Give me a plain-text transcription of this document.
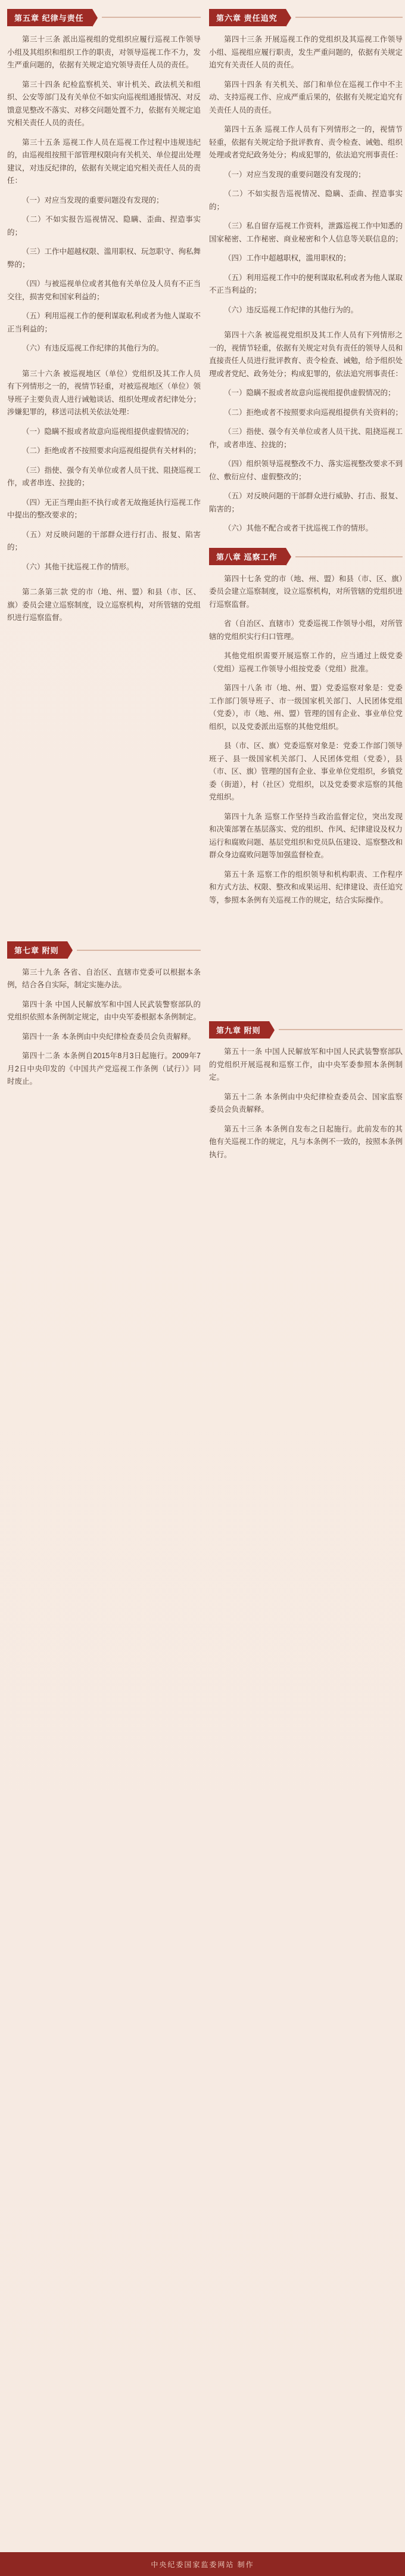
第五章 纪律与责任

第三十三条 派出巡视组的党组织应履行巡视工作领导小组及其组织和组织工作的职责，对领导巡视工作不力，发生严重问题的，依据有关规定追究领导责任人员的责任。

第三十四条 纪检监察机关、审计机关、政法机关和组织、公安等部门及有关单位不如实向巡视组通报情况、对反馈意见整改不落实、对移交问题处置不力，依据有关规定追究相关责任人员的责任。

第三十五条 巡视工作人员在巡视工作过程中违规违纪的，由巡视组按照干部管理权限向有关机关、单位提出处理建议，对违反纪律的，依据有关规定追究相关责任人员的责任：

（一）对应当发现的重要问题没有发现的；

（二）不如实报告巡视情况、隐瞒、歪曲、捏造事实的；

（三）工作中超越权限、滥用职权、玩忽职守、徇私舞弊的；

（四）与被巡视单位或者其他有关单位及人员有不正当交往，损害党和国家利益的；

（五）利用巡视工作的便利谋取私利或者为他人谋取不正当利益的；

（六）有违反巡视工作纪律的其他行为的。

第三十六条 被巡视地区（单位）党组织及其工作人员有下列情形之一的，视情节轻重，对被巡视地区（单位）领导班子主要负责人进行诫勉谈话、组织处理或者纪律处分；涉嫌犯罪的，移送司法机关依法处理：

（一）隐瞒不报或者故意向巡视组提供虚假情况的；

（二）拒绝或者不按照要求向巡视组提供有关材料的；

（三）指使、强令有关单位或者人员干扰、阻挠巡视工作，或者串连、拉拢的；

（四）无正当理由拒不执行或者无故拖延执行巡视工作中提出的整改要求的；

（五）对反映问题的干部群众进行打击、报复、陷害的；

（六）其他干扰巡视工作的情形。

第二条第三款 党的市（地、州、盟）和县（市、区、旗）委员会建立巡察制度，设立巡察机构，对所管辖的党组织进行巡察监督。

第七章 附则

第三十九条 各省、自治区、直辖市党委可以根据本条例，结合各自实际，制定实施办法。

第四十条 中国人民解放军和中国人民武装警察部队的党组织依照本条例制定规定，由中央军委根据本条例制定。

第四十一条 本条例由中央纪律检查委员会负责解释。

第四十二条 本条例自2015年8月3日起施行。2009年7月2日中央印发的《中国共产党巡视工作条例（试行）》同时废止。

第六章 责任追究

第四十三条 开展巡视工作的党组织及其巡视工作领导小组、巡视组应履行职责，发生严重问题的，依据有关规定追究有关责任人员的责任。

第四十四条 有关机关、部门和单位在巡视工作中不主动、支持巡视工作、应成严重后果的，依据有关规定追究有关责任人员的责任。

第四十五条 巡视工作人员有下列情形之一的，视情节轻重，依据有关规定给予批评教育、责令检查、诫勉、组织处理或者党纪政务处分；构成犯罪的，依法追究刑事责任：

（一）对应当发现的重要问题没有发现的；

（二）不如实报告巡视情况、隐瞒、歪曲、捏造事实的；

（三）私自留存巡视工作资料，泄露巡视工作中知悉的国家秘密、工作秘密、商业秘密和个人信息等关联信息的；

（四）工作中超越职权，滥用职权的；

（五）利用巡视工作中的便利谋取私利或者为他人谋取不正当利益的；

（六）违反巡视工作纪律的其他行为的。

第四十六条 被巡视党组织及其工作人员有下列情形之一的，视情节轻重，依据有关规定对负有责任的领导人员和直接责任人员进行批评教育、责令检查、诫勉，给予组织处理或者党纪、政务处分；构成犯罪的，依法追究刑事责任：

（一）隐瞒不报或者故意向巡视组提供虚假情况的；

（二）拒绝或者不按照要求向巡视组提供有关资料的；

（三）指使、强令有关单位或者人员干扰、阻挠巡视工作，或者串连、拉拢的；

（四）组织领导巡视整改不力、落实巡视整改要求不到位、敷衍应付、虚假整改的；

（五）对反映问题的干部群众进行威胁、打击、报复、陷害的；

（六）其他不配合或者干扰巡视工作的情形。

第八章 巡察工作

第四十七条 党的市（地、州、盟）和县（市、区、旗）委员会建立巡察制度，设立巡察机构，对所管辖的党组织进行巡察监督。

省（自治区、直辖市）党委巡视工作领导小组，对所管辖的党组织实行归口管理。

其他党组织需要开展巡察工作的，应当通过上级党委（党组）巡视工作领导小组按党委（党组）批准。

第四十八条 市（地、州、盟）党委巡察对象是：党委工作部门领导班子、市一级国家机关部门、人民团体党组（党委），市（地、州、盟）管理的国有企业、事业单位党组织，以及党委派出巡察的其他党组织。

县（市、区、旗）党委巡察对象是：党委工作部门领导班子、县一级国家机关部门、人民团体党组（党委），县（市、区、旗）管理的国有企业、事业单位党组织，乡镇党委（街道），村（社区）党组织，以及党委要求巡察的其他党组织。

第四十九条 巡察工作坚持当政治监督定位，突出发现和决策部署在基层落实、党的组织、作风、纪律建设及权力运行和腐败问题、基层党组织和党员队伍建设、巡察整改和群众身边腐败问题等加强监督检查。

第五十条 巡察工作的组织领导和机构职责、工作程序和方式方法、权限、整改和成果运用、纪律建设、责任追究等，参照本条例有关巡视工作的规定，结合实际操作。

第九章 附则

第五十一条 中国人民解放军和中国人民武装警察部队的党组织开展巡视和巡察工作，由中央军委参照本条例制定。

第五十二条 本条例由中央纪律检查委员会、国家监察委员会负责解释。

第五十三条 本条例自发布之日起施行。此前发布的其他有关巡视工作的规定，凡与本条例不一致的，按照本条例执行。

中央纪委国家监委网站 制作
